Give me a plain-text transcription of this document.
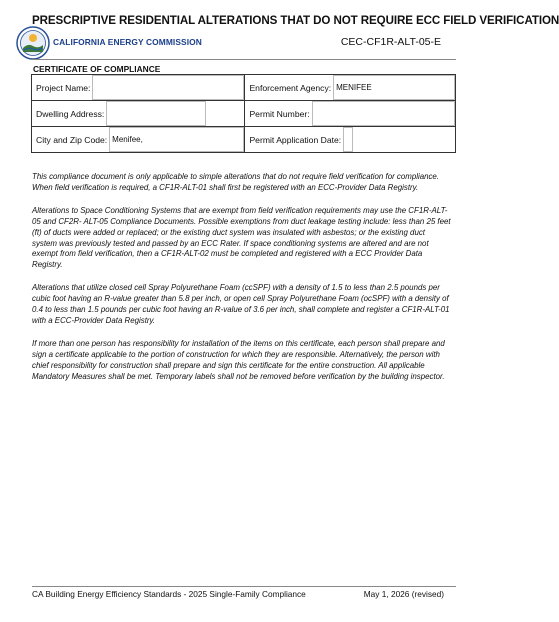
PRESCRIPTIVE RESIDENTIAL ALTERATIONS THAT DO NOT REQUIRE ECC FIELD VERIFICATION
CALIFORNIA ENERGY COMMISSION	CEC-CF1R-ALT-05-E
CERTIFICATE OF COMPLIANCE
Project Name:	Enforcement Agency: MENIFEE

Dwelling Address:	Permit Number:

City and Zip Code: Menifee,	Permit Application Date:

This compliance document is only applicable to simple alterations that do not require field verification for compliance. When field verification is required, a CF1R-ALT-01 shall first be registered with an ECC-Provider Data Registry.

Alterations to Space Conditioning Systems that are exempt from field verification requirements may use the CF1R-ALT-05 and CF2R- ALT-05 Compliance Documents. Possible exemptions from duct leakage testing include: less than 25 feet (ft) of ducts were added or replaced; or the existing duct system was insulated with asbestos; or the existing duct system was previously tested and passed by an ECC Rater. If space conditioning systems are altered and are not exempt from field verification, then a CF1R-ALT-02 must be completed and registered with a ECC Provider Data Registry.

Alterations that utilize closed cell Spray Polyurethane Foam (ccSPF) with a density of 1.5 to less than 2.5 pounds per cubic foot having an R-value greater than 5.8 per inch, or open cell Spray Polyurethane Foam (ocSPF) with a density of 0.4 to less than 1.5 pounds per cubic foot having an R-value of 3.6 per inch, shall complete and register a CF1R-ALT-01 with a ECC-Provider Data Registry.

If more than one person has responsibility for installation of the items on this certificate, each person shall prepare and sign a certificate applicable to the portion of construction for which they are responsible. Alternatively, the person with chief responsibility for construction shall prepare and sign this certificate for the entire construction. All applicable Mandatory Measures shall be met. Temporary labels shall not be removed before verification by the building inspector.

CA Building Energy Efficiency Standards - 2025 Single-Family Compliance	May 1, 2026 (revised)
